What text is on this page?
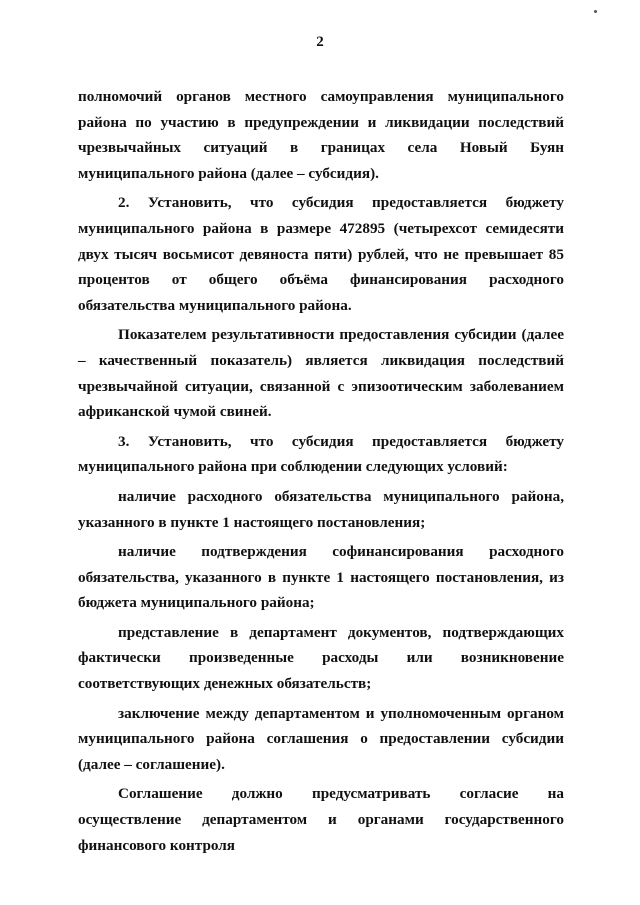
2

полномочий органов местного самоуправления муниципального района по участию в предупреждении и ликвидации последствий чрезвычайных ситуаций в границах села Новый Буян муниципального района (далее – субсидия).

2. Установить, что субсидия предоставляется бюджету муниципального района в размере 472895 (четырехсот семидесяти двух тысяч восьмисот девяноста пяти) рублей, что не превышает 85 процентов от общего объёма финансирования расходного обязательства муниципального района.

Показателем результативности предоставления субсидии (далее – качественный показатель) является ликвидация последствий чрезвычайной ситуации, связанной с эпизоотическим заболеванием африканской чумой свиней.

3. Установить, что субсидия предоставляется бюджету муниципального района при соблюдении следующих условий:

наличие расходного обязательства муниципального района, указанного в пункте 1 настоящего постановления;

наличие подтверждения софинансирования расходного обязательства, указанного в пункте 1 настоящего постановления, из бюджета муниципального района;

представление в департамент документов, подтверждающих фактически произведенные расходы или возникновение соответствующих денежных обязательств;

заключение между департаментом и уполномоченным органом муниципального района соглашения о предоставлении субсидии (далее – соглашение).

Соглашение должно предусматривать согласие на осуществление департаментом и органами государственного финансового контроля
